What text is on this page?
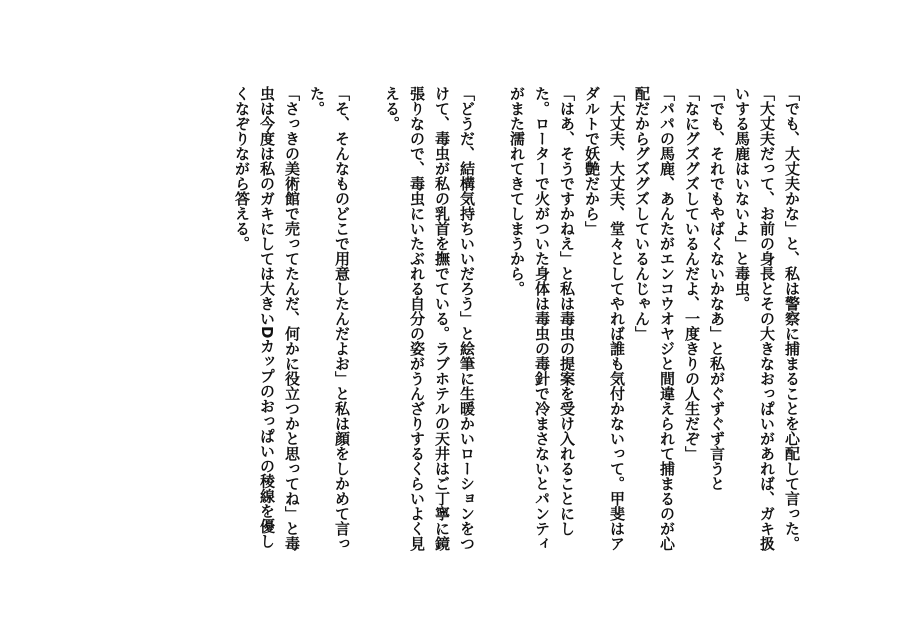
「でも、大丈夫かな」と、私は警察に捕まることを心配して言った。

「大丈夫だって、お前の身長とその大きなおっぱいがあれば、ガキ扱いする馬鹿はいないよ」と毒虫。

「でも、それでもやばくないかなあ」と私がぐずぐず言うと

「なにグズグズしているんだよ、一度きりの人生だぞ」

「パパの馬鹿、あんたがエンコウオヤジと間違えられて捕まるのが心配だからグズグズしているんじゃん」

「大丈夫、大丈夫、堂々としてやれば誰も気付かないって。甲斐はアダルトで妖艶だから」

「はあ、そうですかねえ」と私は毒虫の提案を受け入れることにした。ローターで火がついた身体は毒虫の毒針で冷まさないとパンティがまた濡れてきてしまうから。

「どうだ、結構気持ちいいだろう」と絵筆に生暖かいローションをつけて、毒虫が私の乳首を撫でている。ラブホテルの天井はご丁寧に鏡張りなので、毒虫にいたぶれる自分の姿がうんざりするくらいよく見える。

「そ、そんなものどこで用意したんだよお」と私は顔をしかめて言った。

「さっきの美術館で売ってたんだ、何かに役立つかと思ってね」と毒虫は今度は私のガキにしては大きいDカップのおっぱいの稜線を優しくなぞりながら答える。
